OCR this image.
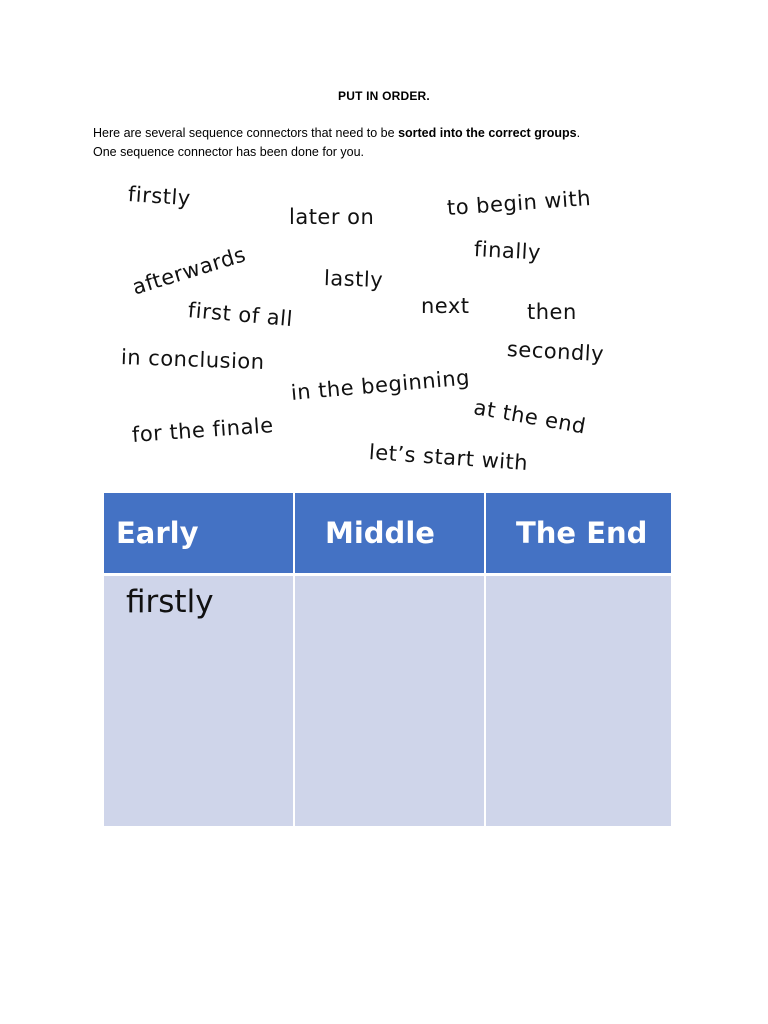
PUT IN ORDER.
Here are several sequence connectors that need to be sorted into the correct groups.
One sequence connector has been done for you.
firstly
later on	to begin with
afterwards	finally
lastly
first of all	next	then
in conclusion	secondly
in the beginning
at the end
for the finale
let’s start with
Early	Middle	The End
firstly		
